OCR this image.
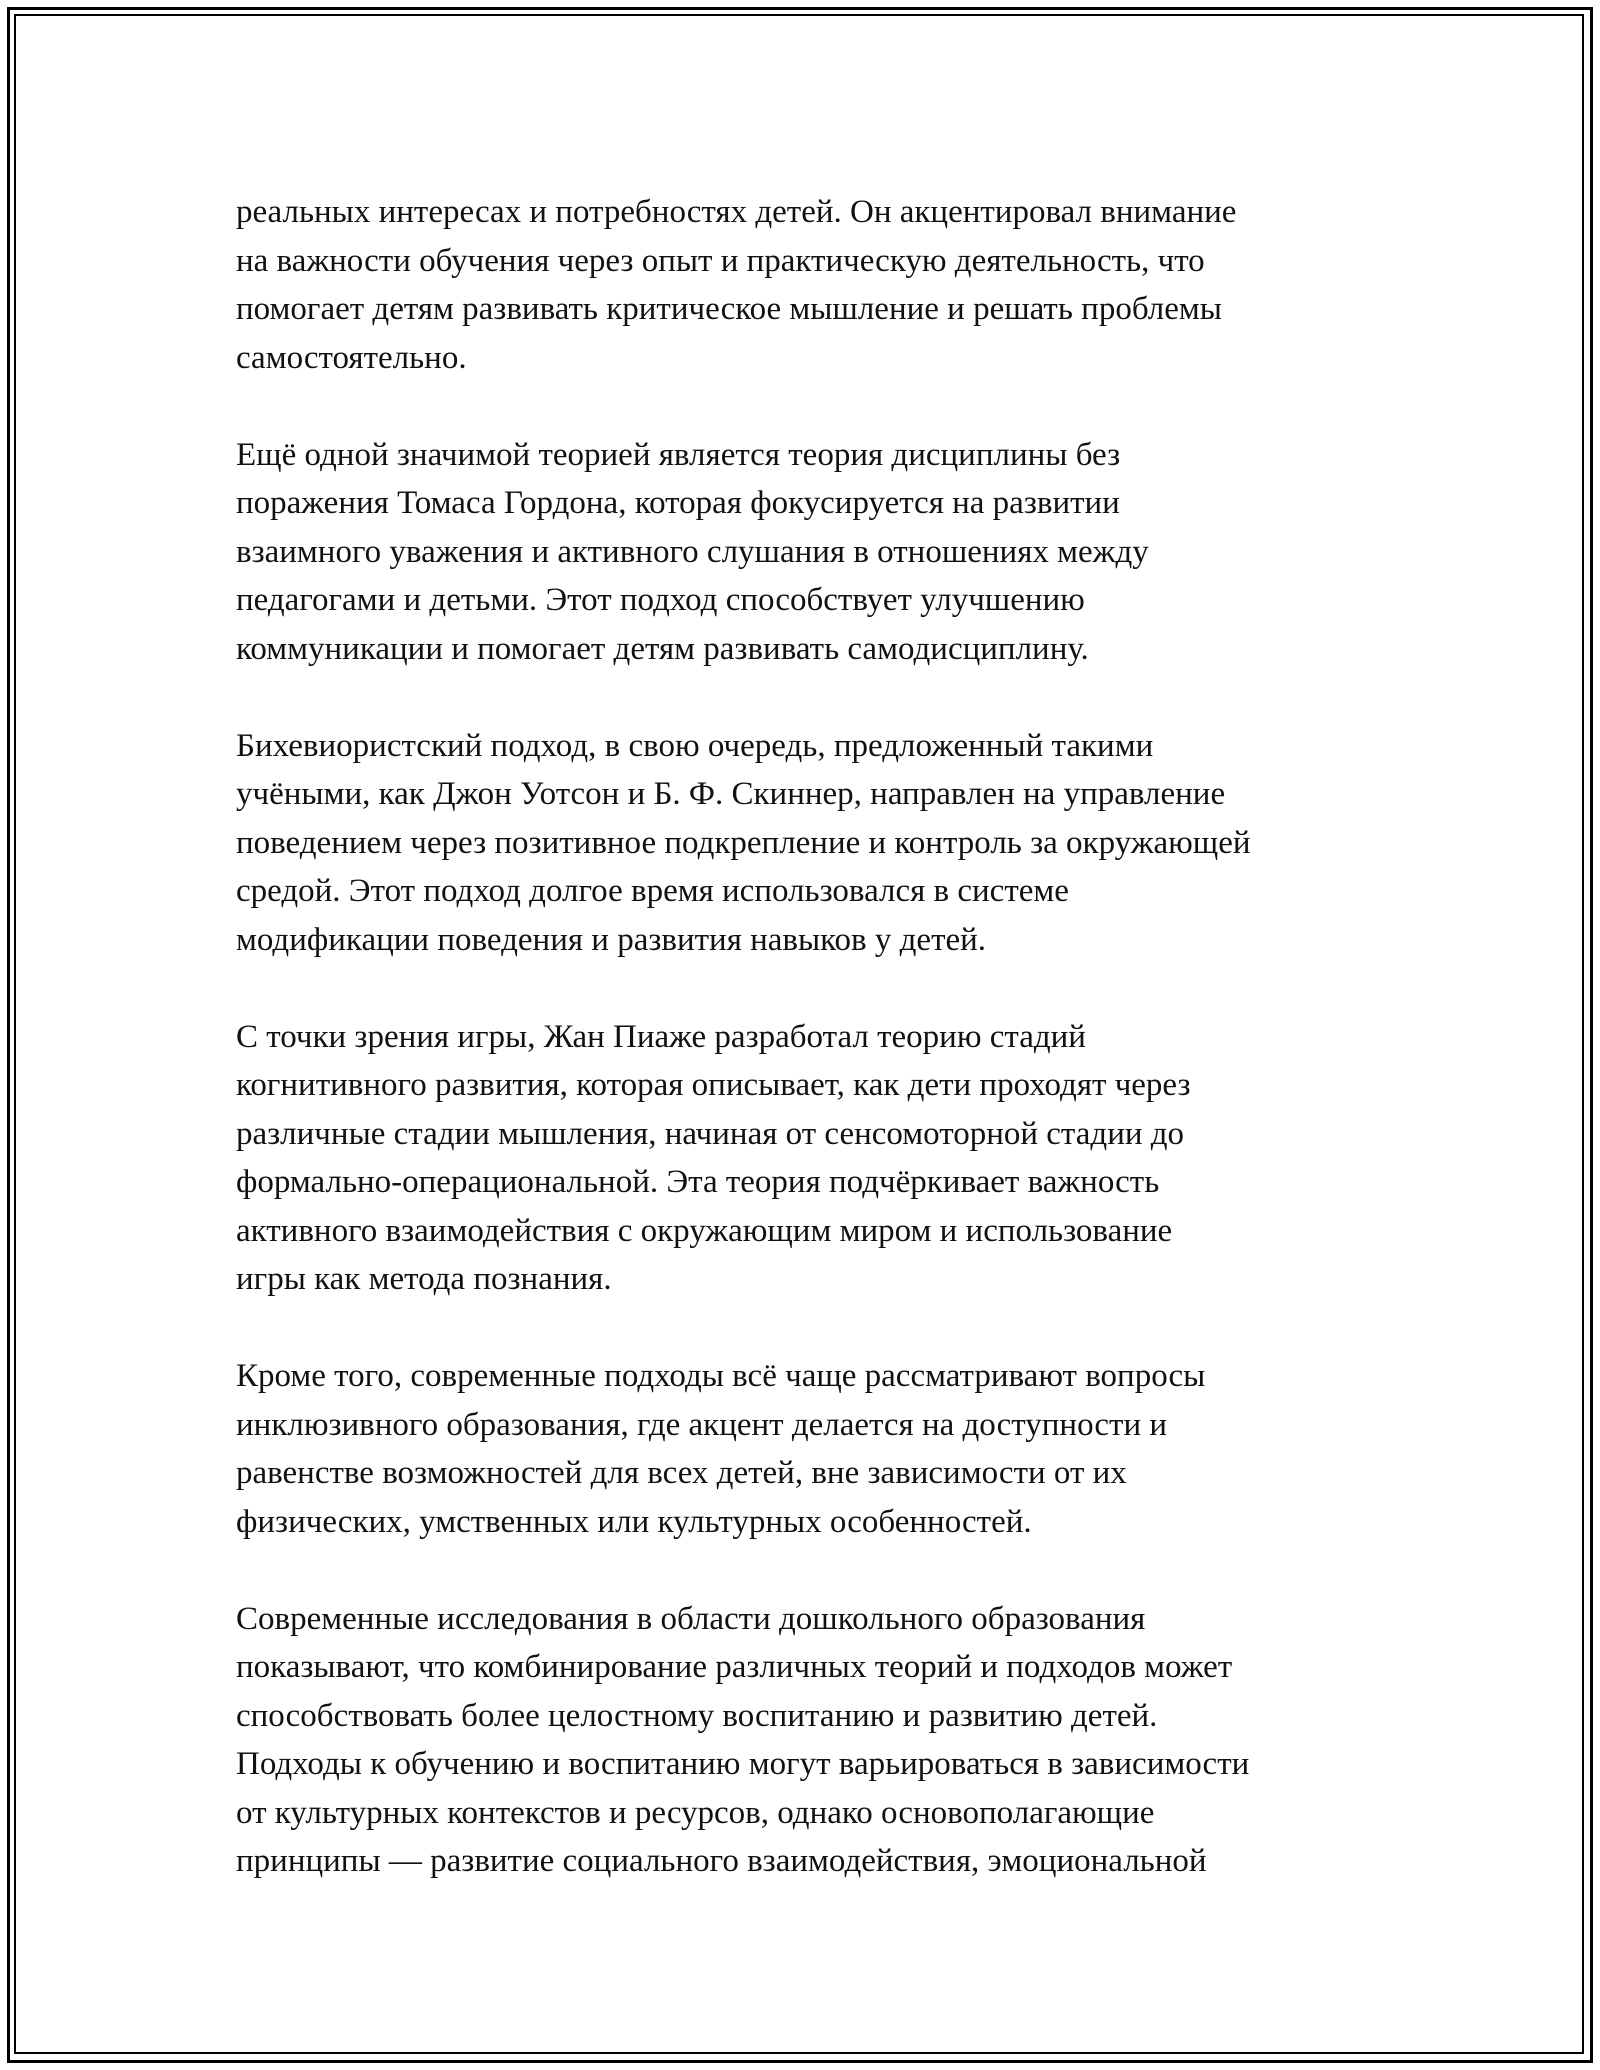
реальных интересах и потребностях детей. Он акцентировал внимание
на важности обучения через опыт и практическую деятельность, что
помогает детям развивать критическое мышление и решать проблемы
самостоятельно.

Ещё одной значимой теорией является теория дисциплины без
поражения Томаса Гордона, которая фокусируется на развитии
взаимного уважения и активного слушания в отношениях между
педагогами и детьми. Этот подход способствует улучшению
коммуникации и помогает детям развивать самодисциплину.

Бихевиористский подход, в свою очередь, предложенный такими
учёными, как Джон Уотсон и Б. Ф. Скиннер, направлен на управление
поведением через позитивное подкрепление и контроль за окружающей
средой. Этот подход долгое время использовался в системе
модификации поведения и развития навыков у детей.

С точки зрения игры, Жан Пиаже разработал теорию стадий
когнитивного развития, которая описывает, как дети проходят через
различные стадии мышления, начиная от сенсомоторной стадии до
формально-операциональной. Эта теория подчёркивает важность
активного взаимодействия с окружающим миром и использование
игры как метода познания.

Кроме того, современные подходы всё чаще рассматривают вопросы
инклюзивного образования, где акцент делается на доступности и
равенстве возможностей для всех детей, вне зависимости от их
физических, умственных или культурных особенностей.

Современные исследования в области дошкольного образования
показывают, что комбинирование различных теорий и подходов может
способствовать более целостному воспитанию и развитию детей.
Подходы к обучению и воспитанию могут варьироваться в зависимости
от культурных контекстов и ресурсов, однако основополагающие
принципы — развитие социального взаимодействия, эмоциональной
